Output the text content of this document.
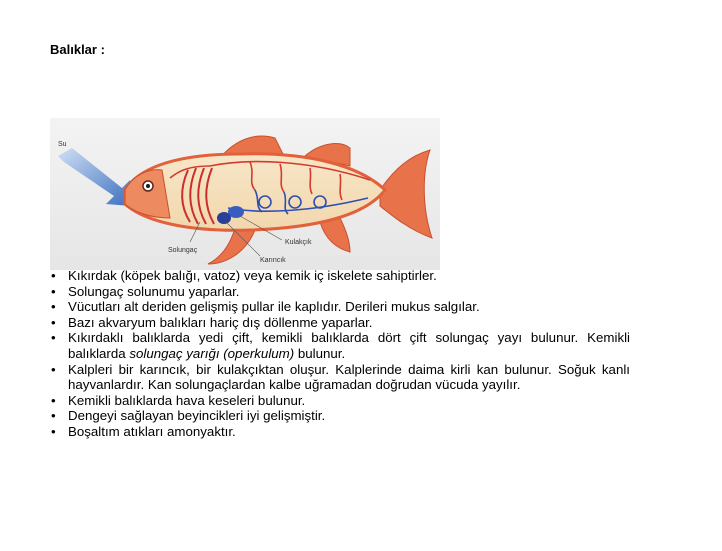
Balıklar :
Su
Solungaç
Kulakçık
Karıncık
• Kıkırdak (köpek balığı, vatoz) veya kemik iç iskelete sahiptirler.
• Solungaç solunumu yaparlar.
• Vücutları alt deriden gelişmiş pullar ile kaplıdır. Derileri mukus salgılar.
• Bazı akvaryum balıkları hariç dış döllenme yaparlar.
• Kıkırdaklı balıklarda yedi çift, kemikli balıklarda dört çift solungaç yayı bulunur. Kemikli balıklarda solungaç yarığı (operkulum) bulunur.
• Kalpleri bir karıncık, bir kulakçıktan oluşur. Kalplerinde daima kirli kan bulunur. Soğuk kanlı hayvanlardır. Kan solungaçlardan kalbe uğramadan doğrudan vücuda yayılır.
• Kemikli balıklarda hava keseleri bulunur.
• Dengeyi sağlayan beyincikleri iyi gelişmiştir.
• Boşaltım atıkları amonyaktır.
